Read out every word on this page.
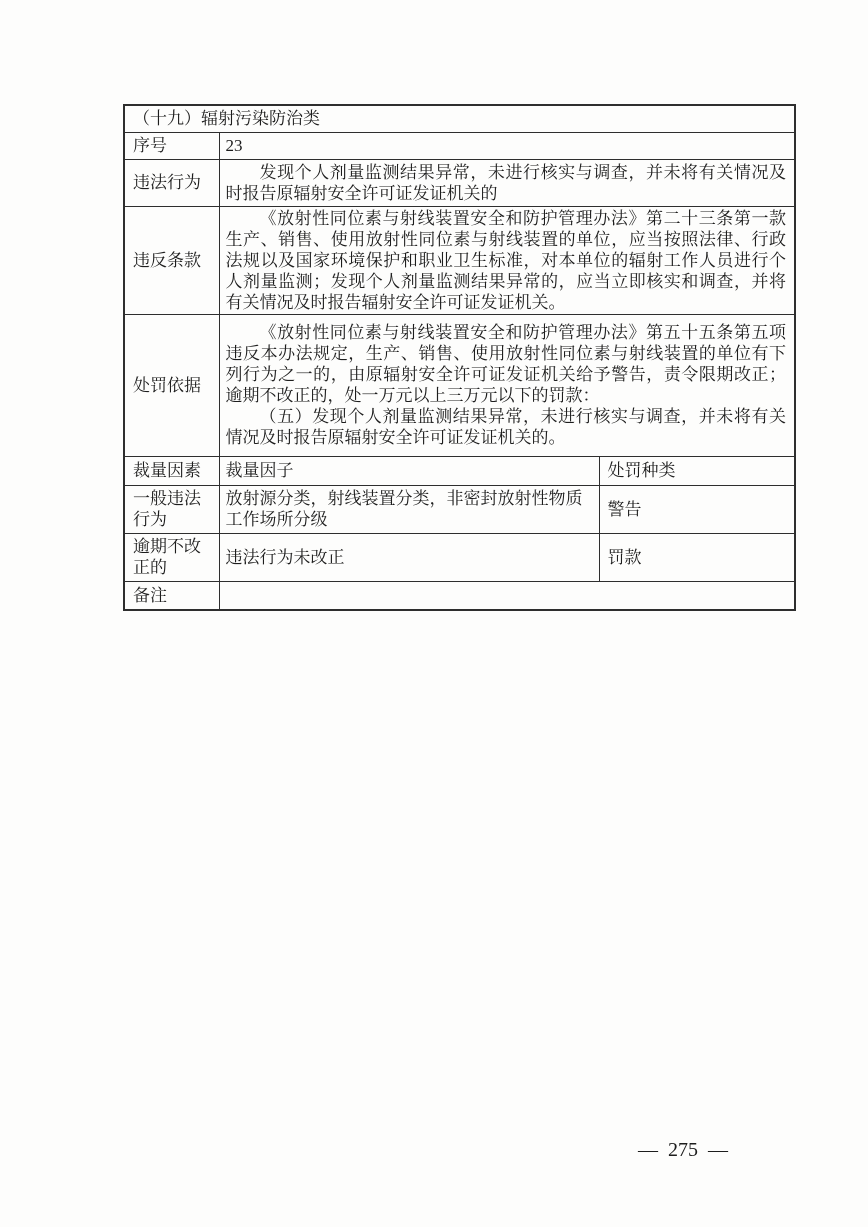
（十九）辐射污染防治类		
序号	23	
违法行为	发现个人剂量监测结果异常，未进行核实与调查，并未将有关情况及时报告原辐射安全许可证发证机关的	

违反条款	《放射性同位素与射线装置安全和防护管理办法》第二十三条第一款 生产、销售、使用放射性同位素与射线装置的单位，应当按照法律、行政法规以及国家环境保护和职业卫生标准，对本单位的辐射工作人员进行个人剂量监测；发现个人剂量监测结果异常的，应当立即核实和调查，并将有关情况及时报告辐射安全许可证发证机关。	

处罚依据	《放射性同位素与射线装置安全和防护管理办法》第五十五条第五项 违反本办法规定，生产、销售、使用放射性同位素与射线装置的单位有下列行为之一的，由原辐射安全许可证发证机关给予警告，责令限期改正；逾期不改正的，处一万元以上三万元以下的罚款：

（五）发现个人剂量监测结果异常，未进行核实与调查，并未将有关情况及时报告原辐射安全许可证发证机关的。	

裁量因素	裁量因子	处罚种类
一般违法行为	放射源分类，射线装置分类，非密封放射性物质工作场所分级	警告
逾期不改正的	违法行为未改正	罚款
备注		
— 275 —
